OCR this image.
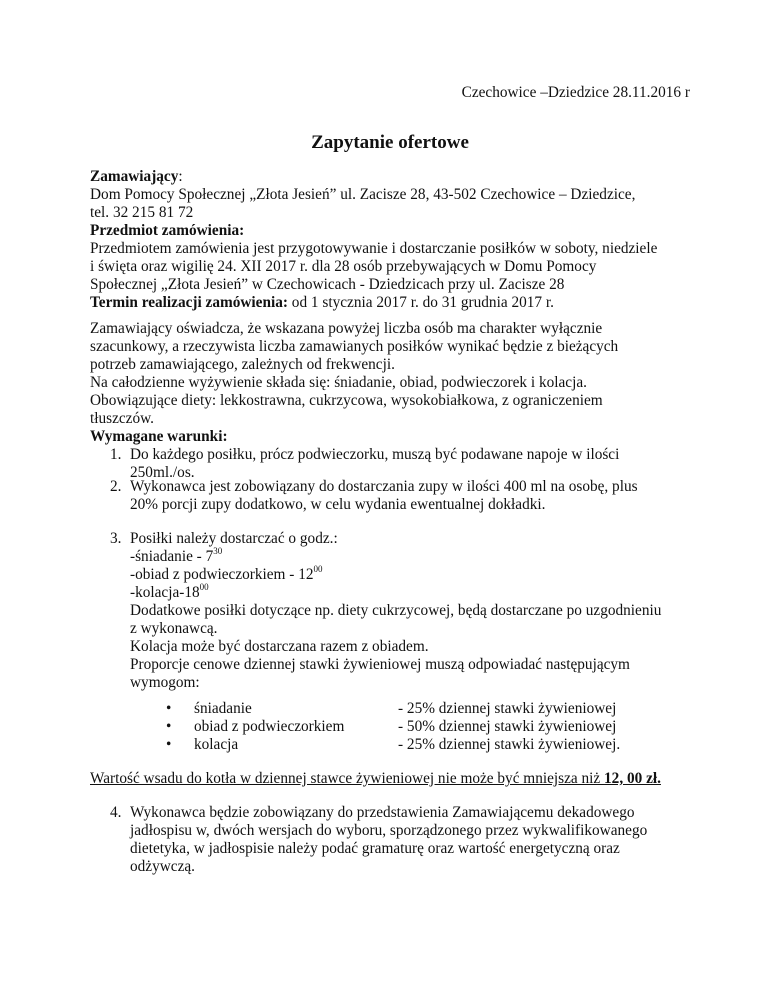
Czechowice –Dziedzice 28.11.2016 r
Zapytanie ofertowe
Zamawiający:
Dom Pomocy Społecznej „Złota Jesień” ul. Zacisze 28, 43-502 Czechowice – Dziedzice,
tel. 32 215 81 72
Przedmiot zamówienia:
Przedmiotem zamówienia jest przygotowywanie i dostarczanie posiłków w soboty, niedziele
i święta oraz wigilię 24. XII 2017 r. dla 28 osób przebywających w Domu Pomocy
Społecznej „Złota Jesień” w Czechowicach - Dziedzicach przy ul. Zacisze 28
Termin realizacji zamówienia: od 1 stycznia 2017 r. do 31 grudnia 2017 r.
Zamawiający oświadcza, że wskazana powyżej liczba osób ma charakter wyłącznie
szacunkowy, a rzeczywista liczba zamawianych posiłków wynikać będzie z bieżących
potrzeb zamawiającego, zależnych od frekwencji.
Na całodzienne wyżywienie składa się: śniadanie, obiad, podwieczorek i kolacja.
Obowiązujące diety: lekkostrawna, cukrzycowa, wysokobiałkowa, z ograniczeniem
tłuszczów.
Wymagane warunki:
1. Do każdego posiłku, prócz podwieczorku, muszą być podawane napoje w ilości
250ml./os.
2. Wykonawca jest zobowiązany do dostarczania zupy w ilości 400 ml na osobę, plus
20% porcji zupy dodatkowo, w celu wydania ewentualnej dokładki.
3. Posiłki należy dostarczać o godz.:
-śniadanie - $7^{30}$
-obiad z podwieczorkiem - $12^{00}$
$-kolacja-18^{00}$
Dodatkowe posiłki dotyczące np. diety cukrzycowej, będą dostarczane po uzgodnieniu
z wykonawcą.
Kolacja może być dostarczana razem z obiadem.
Proporcje cenowe dziennej stawki żywieniowej muszą odpowiadać następującym
wymogom:
• śniadanie	- 25% dziennej stawki żywieniowej
• obiad z podwieczorkiem	- 50% dziennej stawki żywieniowej
• kolacja	- 25% dziennej stawki żywieniowej.
Wartość wsadu do kotła w dziennej stawce żywieniowej nie może być mniejsza niż 12, 00 zł.
4. Wykonawca będzie zobowiązany do przedstawienia Zamawiającemu dekadowego
jadłospisu w, dwóch wersjach do wyboru, sporządzonego przez wykwalifikowanego
dietetyka, w jadłospisie należy podać gramaturę oraz wartość energetyczną oraz
odżywczą.
